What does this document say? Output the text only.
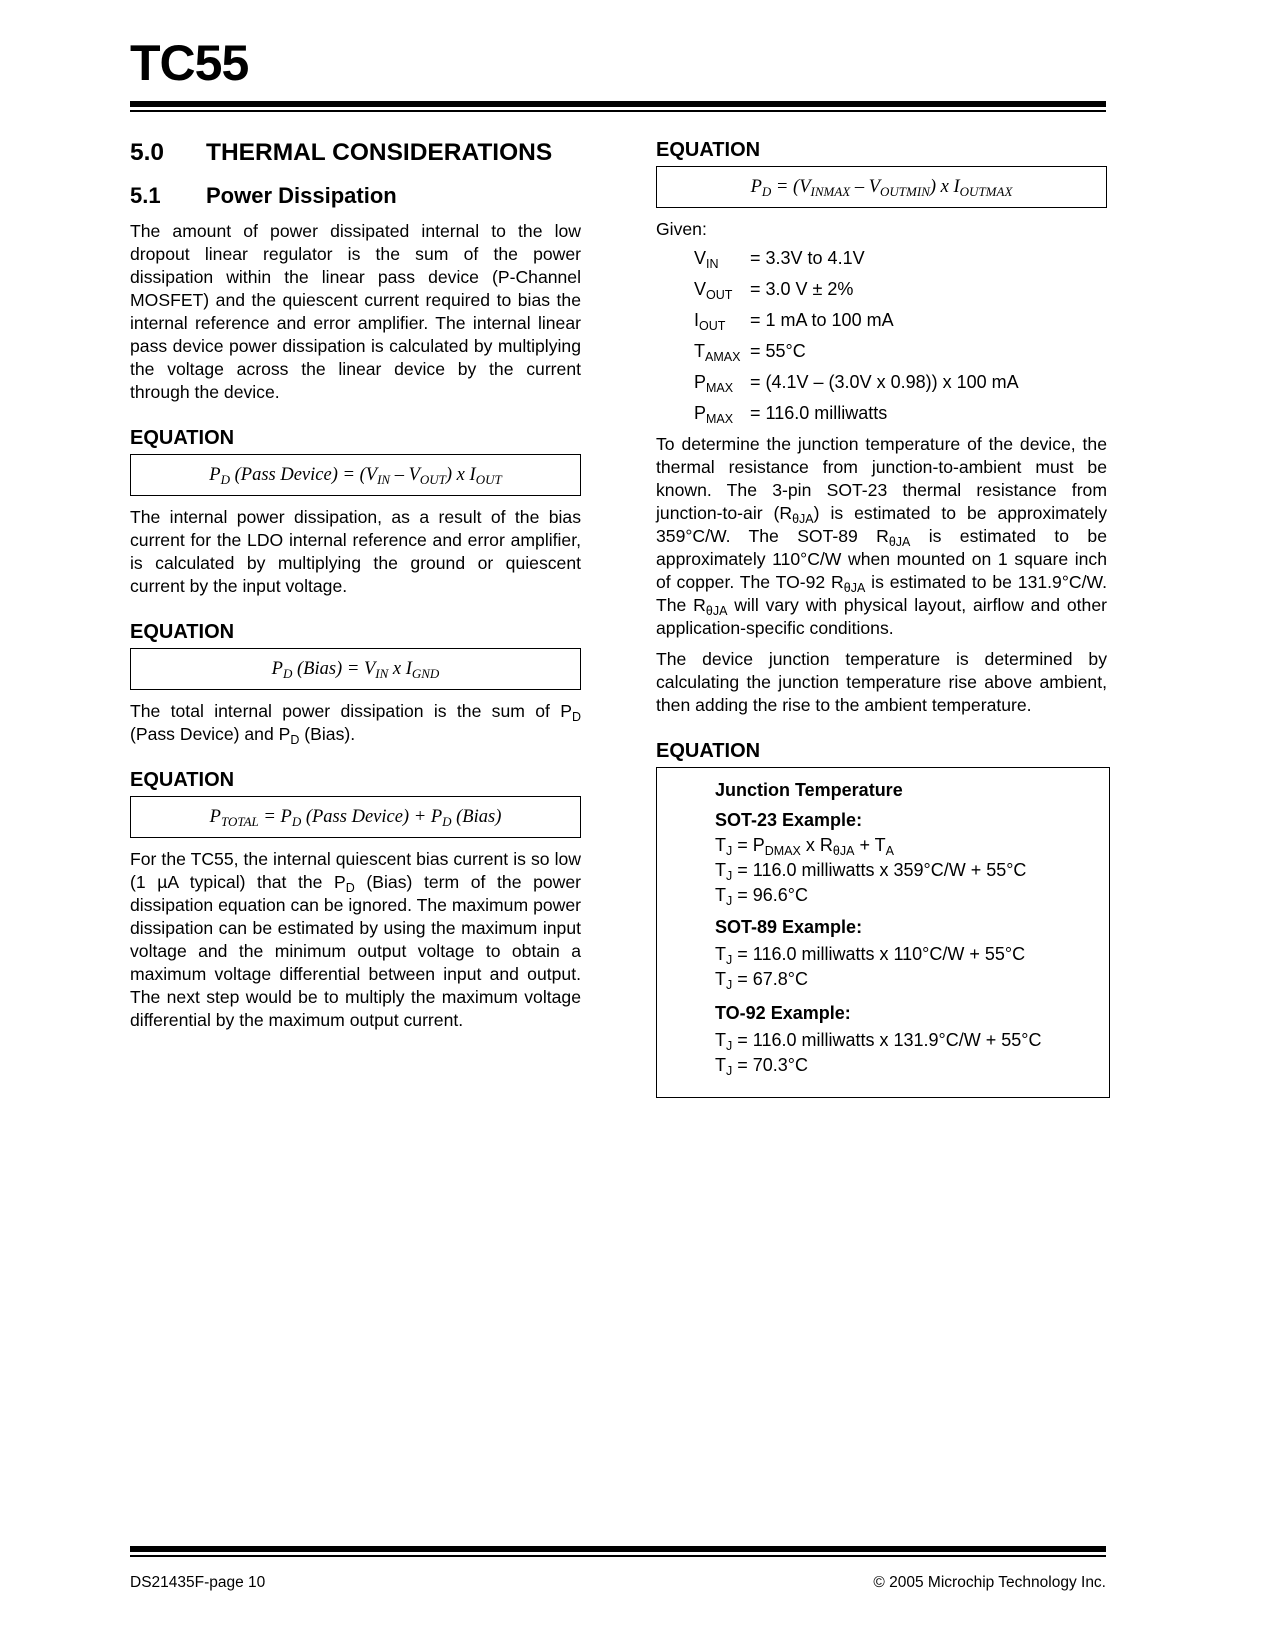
TC55
5.0 THERMAL CONSIDERATIONS
5.1 Power Dissipation

The amount of power dissipated internal to the low dropout linear regulator is the sum of the power dissipation within the linear pass device (P-Channel MOSFET) and the quiescent current required to bias the internal reference and error amplifier. The internal linear pass device power dissipation is calculated by multiplying the voltage across the linear device by the current through the device.

EQUATION
$P_D$ (Pass Device) = $(V_{IN} - V_{OUT})$ x $I_{OUT}$

The internal power dissipation, as a result of the bias current for the LDO internal reference and error amplifier, is calculated by multiplying the ground or quiescent current by the input voltage.

EQUATION
$P_D$ (Bias) = $V_{IN}$ x $I_{GND}$

The total internal power dissipation is the sum of $P_D$ (Pass Device) and $P_D$ (Bias).

EQUATION
$P_{TOTAL} = P_D$ (Pass Device) + $P_D$ (Bias)

For the TC55, the internal quiescent bias current is so low (1 µA typical) that the $P_D$ (Bias) term of the power dissipation equation can be ignored. The maximum power dissipation can be estimated by using the maximum input voltage and the minimum output voltage to obtain a maximum voltage differential between input and output. The next step would be to multiply the maximum voltage differential by the maximum output current.

EQUATION
$P_D = (V_{INMAX} - V_{OUTMIN})$ x $I_{OUTMAX}$
Given:
$V_{IN}$	= 3.3V to 4.1V
$V_{OUT} = 3.0$ V ± 2%
$I_{OUT}$	= 1 mA to 100 mA
$T_{AMAX} = 55^\circ C$
$P_{MAX} = (4.1V - (3.0V$ x 0.98)) x 100 mA
$P_{MAX} = 116.0$ milliwatts

To determine the junction temperature of the device, the thermal resistance from junction-to-ambient must be known. The 3-pin SOT-23 thermal resistance from junction-to-air $(R_{\theta JA})$ is estimated to be approximately 359°C/W. The SOT-89 $R_{\theta JA}$ is estimated to be approximately 110°C/W when mounted on 1 square inch of copper. The TO-92 $R_{\theta JA}$ is estimated to be 131.9°C/W. The $R_{\theta JA}$ will vary with physical layout, airflow and other application-specific conditions.

The device junction temperature is determined by calculating the junction temperature rise above ambient, then adding the rise to the ambient temperature.

EQUATION
Junction Temperature
SOT-23 Example:
$T_J = P_{DMAX}$ x $R_{\theta JA} + T_A$
$T_J = 116.0$ milliwatts x 359°C/W + 55°C
$T_J = 96.6^\circ C$
SOT-89 Example:
$T_J = 116.0$ milliwatts x 110°C/W + 55°C
$T_J = 67.8^\circ C$
TO-92 Example:
$T_J = 116.0$ milliwatts x 131.9°C/W + 55°C
$T_J = 70.3^\circ C$
DS21435F-page 10	© 2005 Microchip Technology Inc.
